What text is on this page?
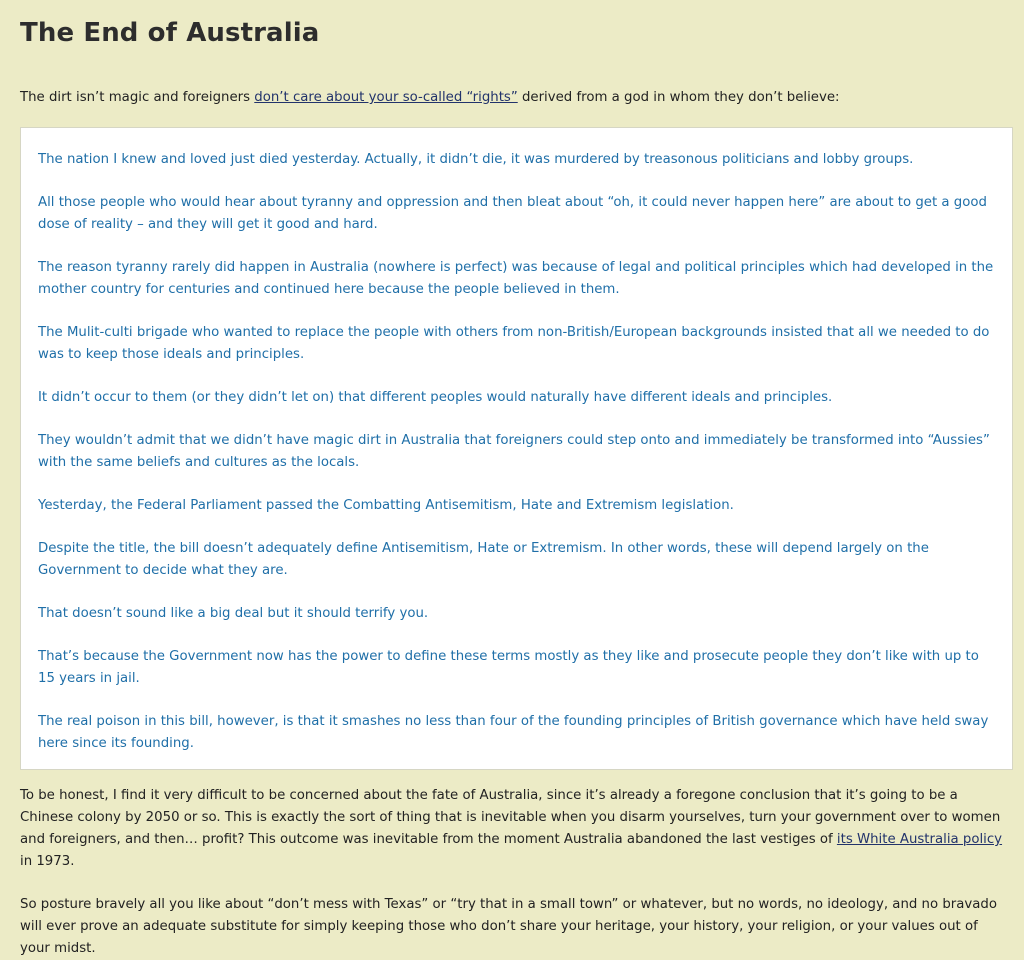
The End of Australia

The dirt isn’t magic and foreigners don’t care about your so-called “rights” derived from a god in whom they don’t believe:

The nation I knew and loved just died yesterday. Actually, it didn’t die, it was murdered by treasonous politicians and lobby groups.

All those people who would hear about tyranny and oppression and then bleat about “oh, it could never happen here” are about to get a good dose of reality – and they will get it good and hard.

The reason tyranny rarely did happen in Australia (nowhere is perfect) was because of legal and political principles which had developed in the mother country for centuries and continued here because the people believed in them.

The Mulit-culti brigade who wanted to replace the people with others from non-British/European backgrounds insisted that all we needed to do was to keep those ideals and principles.

It didn’t occur to them (or they didn’t let on) that different peoples would naturally have different ideals and principles.

They wouldn’t admit that we didn’t have magic dirt in Australia that foreigners could step onto and immediately be transformed into “Aussies” with the same beliefs and cultures as the locals.

Yesterday, the Federal Parliament passed the Combatting Antisemitism, Hate and Extremism legislation.

Despite the title, the bill doesn’t adequately define Antisemitism, Hate or Extremism. In other words, these will depend largely on the Government to decide what they are.

That doesn’t sound like a big deal but it should terrify you.

That’s because the Government now has the power to define these terms mostly as they like and prosecute people they don’t like with up to 15 years in jail.

The real poison in this bill, however, is that it smashes no less than four of the founding principles of British governance which have held sway here since its founding.

To be honest, I find it very difficult to be concerned about the fate of Australia, since it’s already a foregone conclusion that it’s going to be a Chinese colony by 2050 or so. This is exactly the sort of thing that is inevitable when you disarm yourselves, turn your government over to women and foreigners, and then… profit? This outcome was inevitable from the moment Australia abandoned the last vestiges of its White Australia policy in 1973.

So posture bravely all you like about “don’t mess with Texas” or “try that in a small town” or whatever, but no words, no ideology, and no bravado will ever prove an adequate substitute for simply keeping those who don’t share your heritage, your history, your religion, or your values out of your midst.
